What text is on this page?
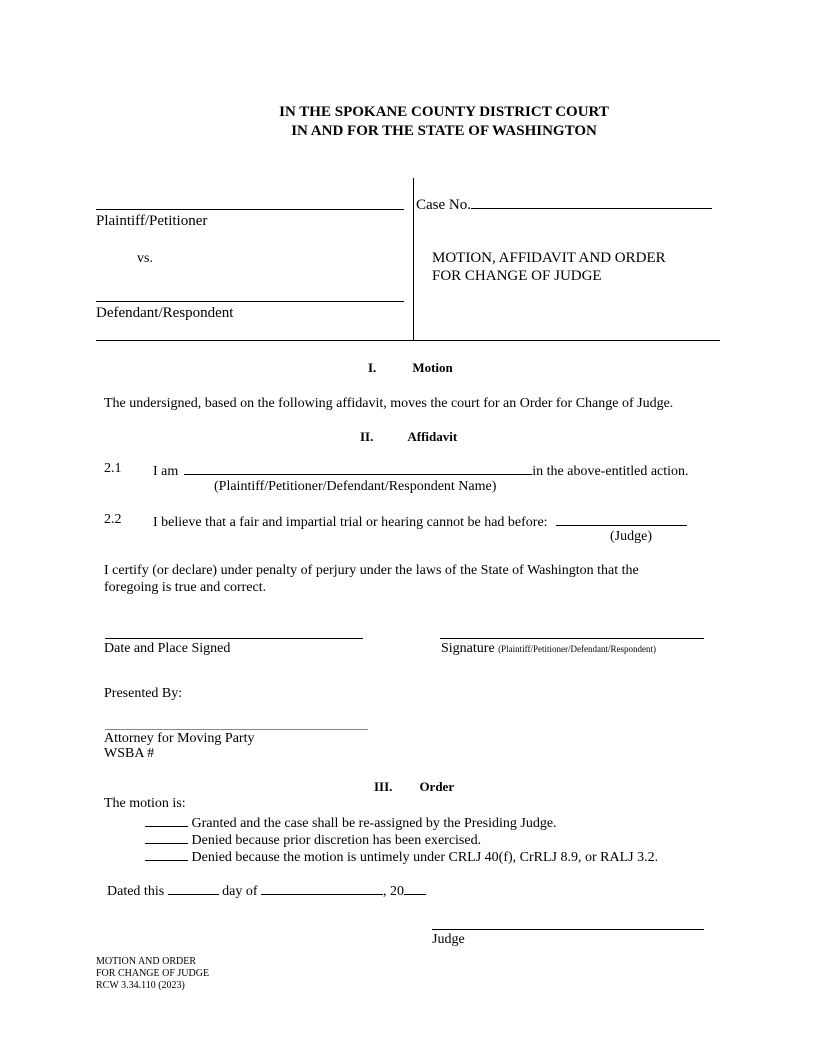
IN THE SPOKANE COUNTY DISTRICT COURT
IN AND FOR THE STATE OF WASHINGTON
Plaintiff/Petitioner
vs.
Defendant/Respondent
Case No.
MOTION, AFFIDAVIT AND ORDER
FOR CHANGE OF JUDGE
I.	Motion
The undersigned, based on the following affidavit, moves the court for an Order for Change of Judge.
II.	Affidavit
2.1 I am	in the above-entitled action.
(Plaintiff/Petitioner/Defendant/Respondent Name)
2.2 I believe that a fair and impartial trial or hearing cannot be had before:
(Judge)
I certify (or declare) under penalty of perjury under the laws of the State of Washington that the
foregoing is true and correct.
Date and Place Signed	Signature (Plaintiff/Petitioner/Defendant/Respondent)
Presented By:
Attorney for Moving Party
WSBA #
III. Order
The motion is:
Granted and the case shall be re-assigned by the Presiding Judge.
Denied because prior discretion has been exercised.
Denied because the motion is untimely under CRLJ 40(f), CrRLJ 8.9, or RALJ 3.2.
Dated this	day of	, 20
Judge
MOTION AND ORDER
FOR CHANGE OF JUDGE
RCW 3.34.110 (2023)
